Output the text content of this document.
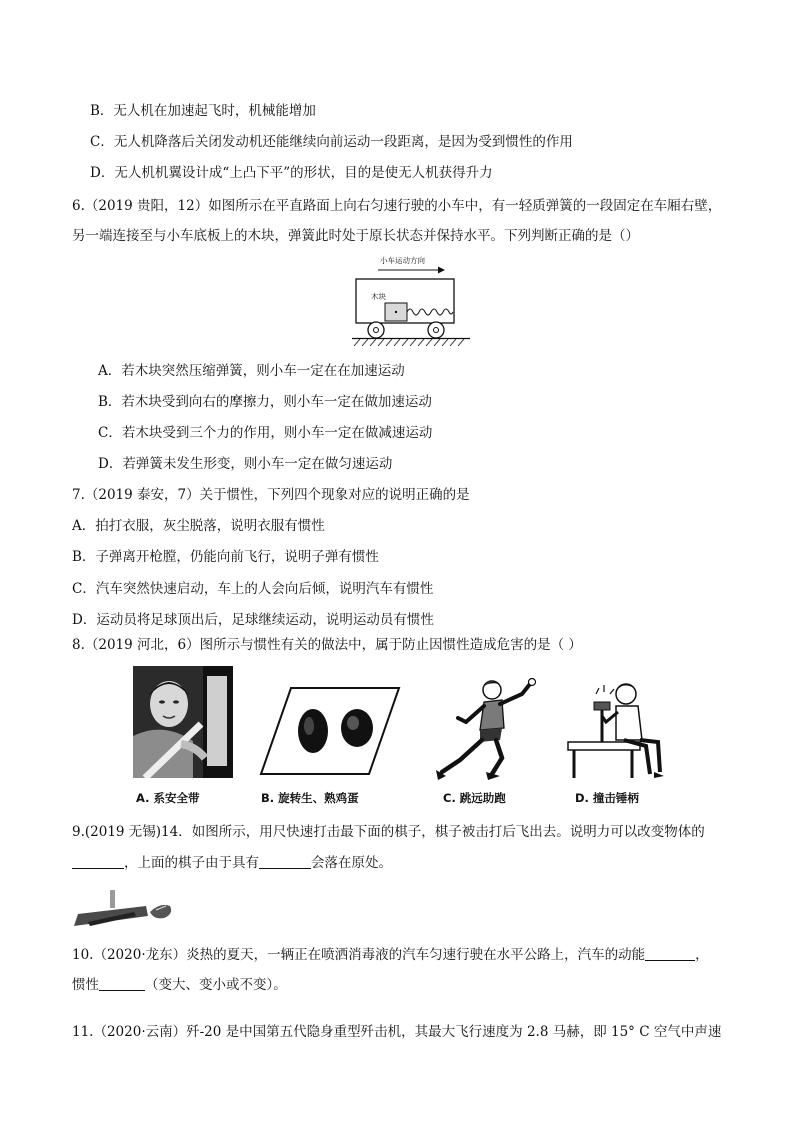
B．无人机在加速起飞时，机械能增加
C．无人机降落后关闭发动机还能继续向前运动一段距离，是因为受到惯性的作用
D．无人机机翼设计成“上凸下平”的形状，目的是使无人机获得升力
6.（2019 贵阳，12）如图所示在平直路面上向右匀速行驶的小车中，有一轻质弹簧的一段固定在车厢右壁，
另一端连接至与小车底板上的木块，弹簧此时处于原长状态并保持水平。下列判断正确的是（）
小车运动方向
木块
A．若木块突然压缩弹簧，则小车一定在在加速运动
B．若木块受到向右的摩擦力，则小车一定在做加速运动
C．若木块受到三个力的作用，则小车一定在做减速运动
D．若弹簧未发生形变，则小车一定在做匀速运动
7.（2019 泰安，7）关于惯性，下列四个现象对应的说明正确的是
A．拍打衣服，灰尘脱落，说明衣服有惯性
B．子弹离开枪膛，仍能向前飞行，说明子弹有惯性
C．汽车突然快速启动，车上的人会向后倾，说明汽车有惯性
D．运动员将足球顶出后，足球继续运动，说明运动员有惯性
8.（2019 河北，6）图所示与惯性有关的做法中，属于防止因惯性造成危害的是（ ）
A. 系安全带	B. 旋转生、熟鸡蛋	C. 跳远助跑	D. 撞击锤柄
9.(2019 无锡)14．如图所示，用尺快速打击最下面的棋子，棋子被击打后飞出去。说明力可以改变物体的
，上面的棋子由于具有	会落在原处。
10.（2020·龙东）炎热的夏天，一辆正在喷洒消毒液的汽车匀速行驶在水平公路上，汽车的动能	，
惯性	（变大、变小或不变）。
11.（2020·云南）歼-20 是中国第五代隐身重型歼击机，其最大飞行速度为 2.8 马赫，即 15° C 空气中声速
